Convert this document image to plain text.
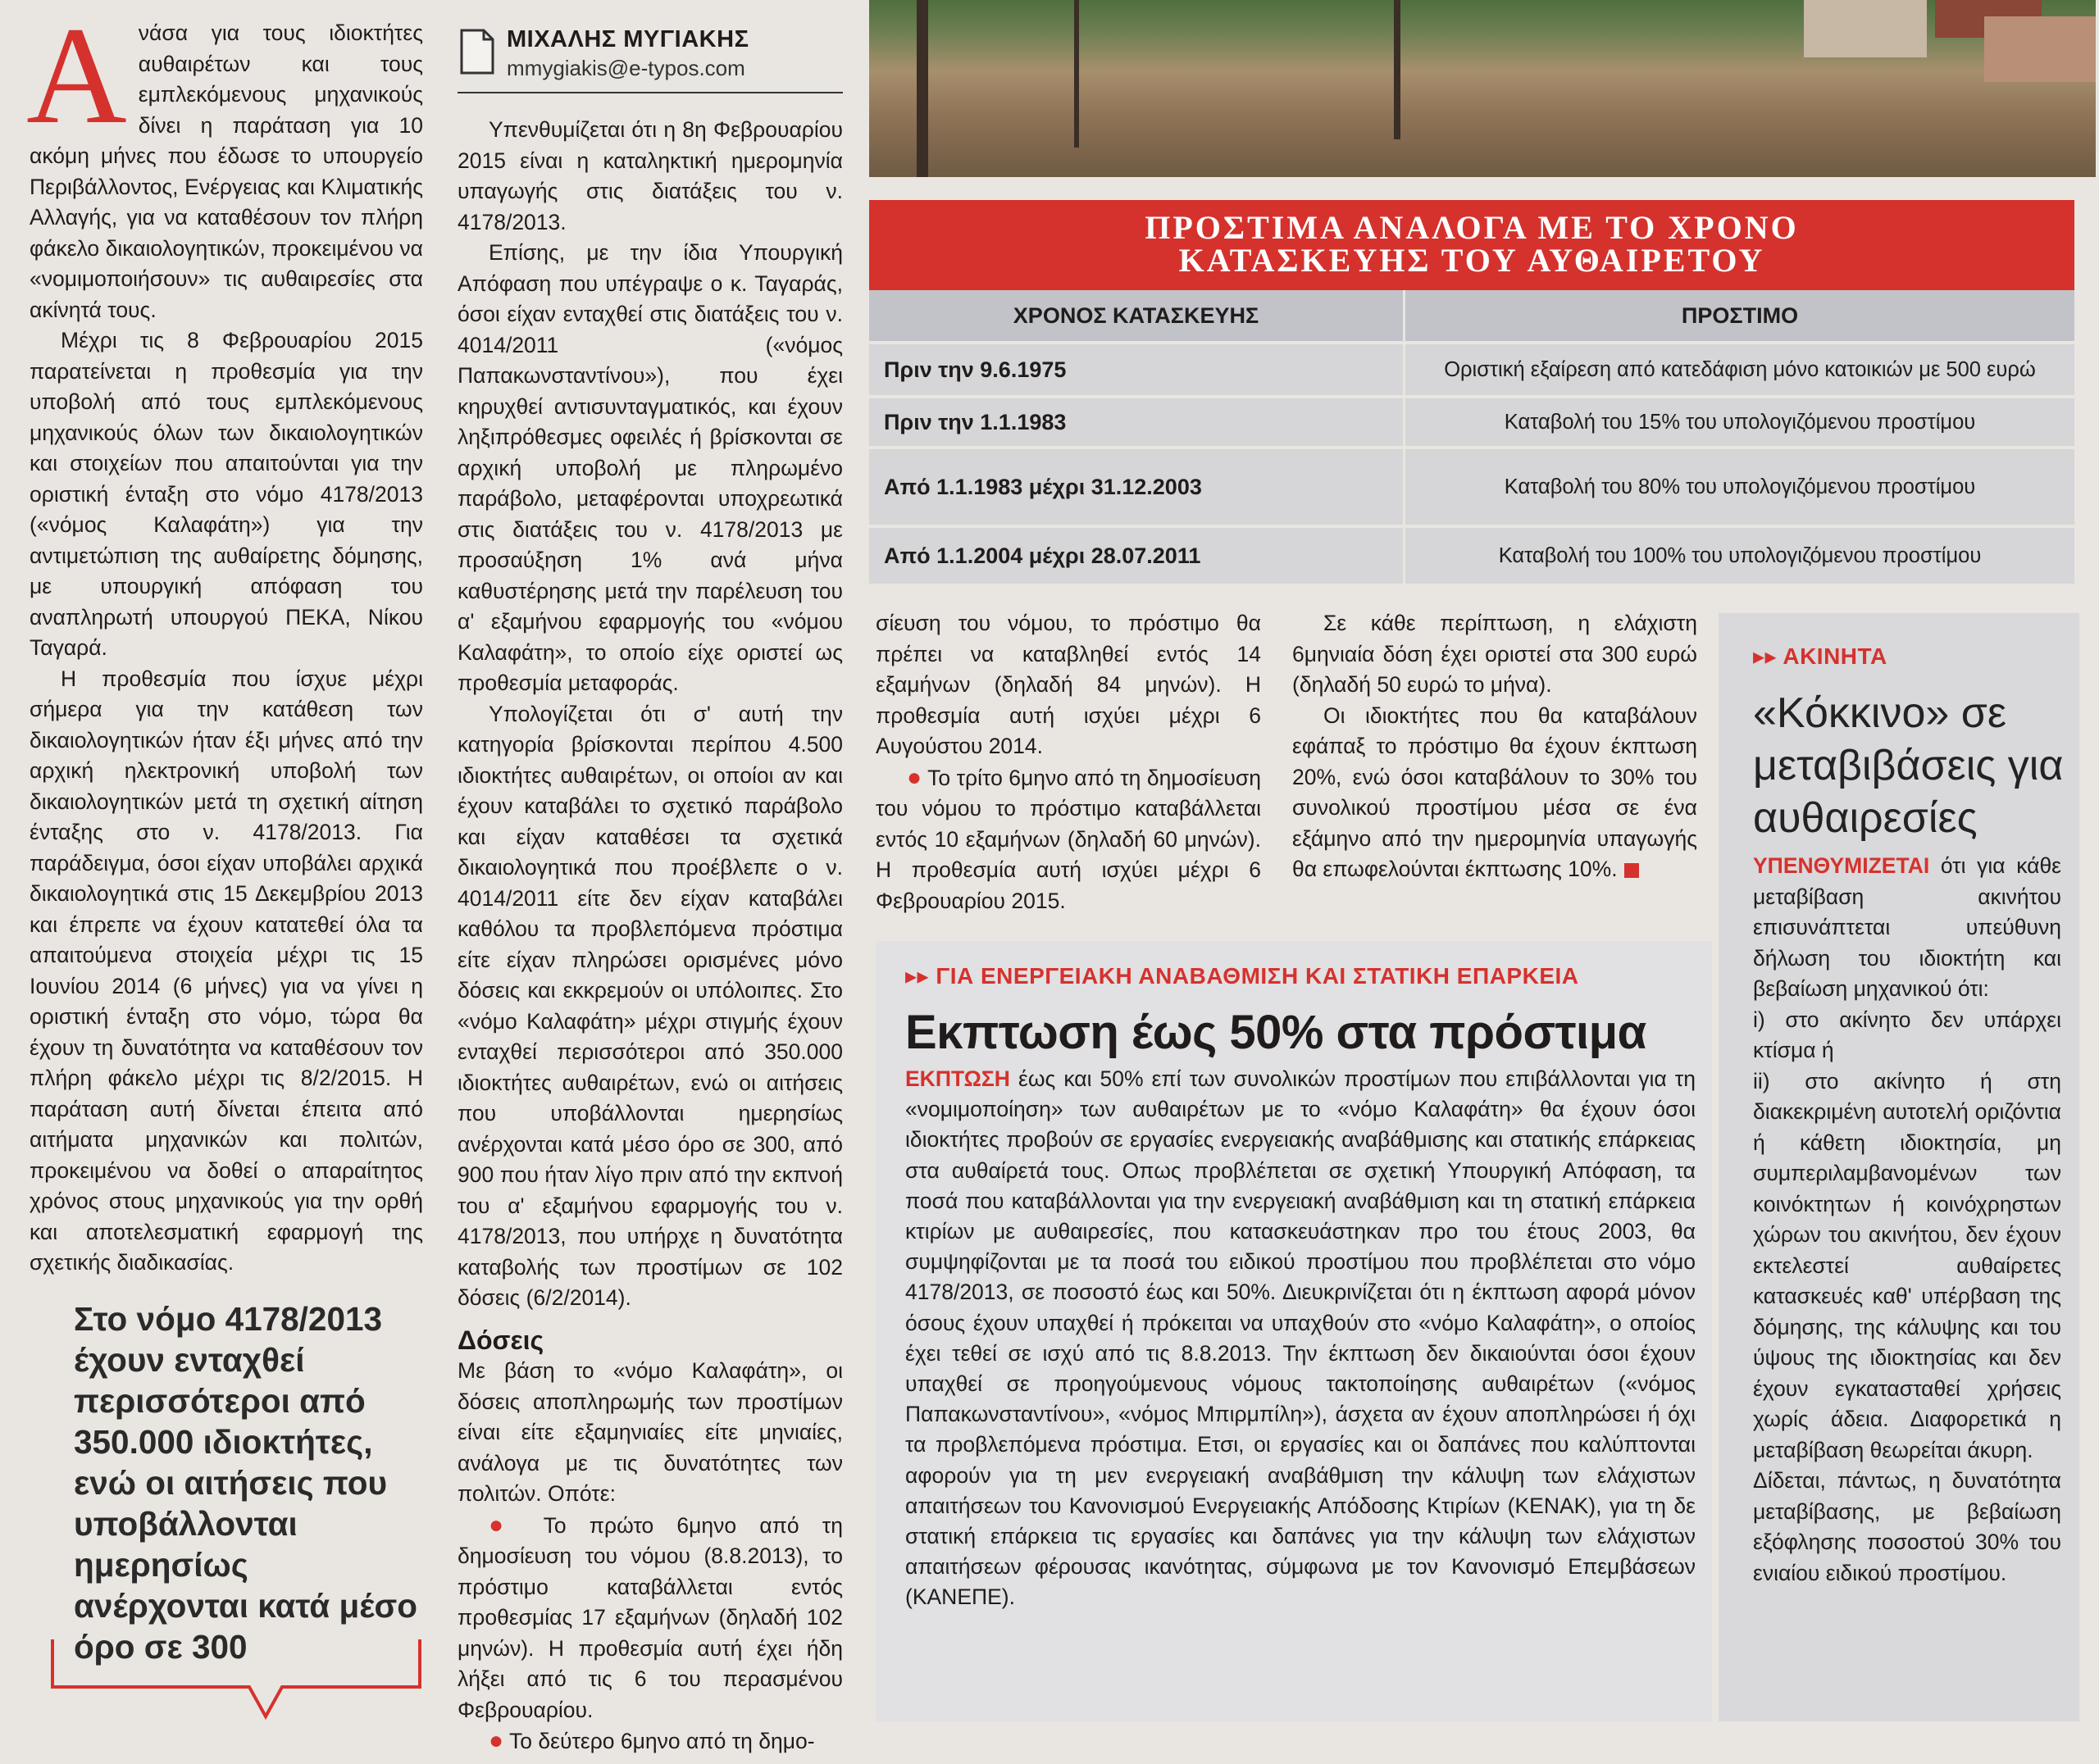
Α νάσα για τους ιδιοκτήτες αυθαιρέτων και τους εμπλεκόμενους μηχανικούς δίνει η παράταση για 10 ακόμη μήνες που έδωσε το υπουργείο Περιβάλλοντος, Ενέργειας και Κλιματικής Αλλαγής, για να καταθέσουν τον πλήρη φάκελο δικαιολογητικών, προκειμένου να «νομιμοποιήσουν» τις αυθαιρεσίες στα ακίνητά τους.

Μέχρι τις 8 Φεβρουαρίου 2015 παρατείνεται η προθεσμία για την υποβολή από τους εμπλεκόμενους μηχανικούς όλων των δικαιολογητικών και στοιχείων που απαιτούνται για την οριστική ένταξη στο νόμο 4178/2013 («νόμος Καλαφάτη») για την αντιμετώπιση της αυθαίρετης δόμησης, με υπουργική απόφαση του αναπληρωτή υπουργού ΠΕΚΑ, Νίκου Ταγαρά.

Η προθεσμία που ίσχυε μέχρι σήμερα για την κατάθεση των δικαιολογητικών ήταν έξι μήνες από την αρχική ηλεκτρονική υποβολή των δικαιολογητικών μετά τη σχετική αίτηση ένταξης στο ν. 4178/2013. Για παράδειγμα, όσοι είχαν υποβάλει αρχικά δικαιολογητικά στις 15 Δεκεμβρίου 2013 και έπρεπε να έχουν κατατεθεί όλα τα απαιτούμενα στοιχεία μέχρι τις 15 Ιουνίου 2014 (6 μήνες) για να γίνει η οριστική ένταξη στο νόμο, τώρα θα έχουν τη δυνατότητα να καταθέσουν τον πλήρη φάκελο μέχρι τις 8/2/2015. Η παράταση αυτή δίνεται έπειτα από αιτήματα μηχανικών και πολιτών, προκειμένου να δοθεί ο απαραίτητος χρόνος στους μηχανικούς για την ορθή και αποτελεσματική εφαρμογή της σχετικής διαδικασίας.

Στο νόμο 4178/2013 έχουν ενταχθεί περισσότεροι από 350.000 ιδιοκτήτες, ενώ οι αιτήσεις που υποβάλλονται ημερησίως ανέρχονται κατά μέσο όρο σε 300
ΜΙΧΑΛΗΣ ΜΥΓΙΑΚΗΣ
mmygiakis@e-typos.com

Υπενθυμίζεται ότι η 8η Φεβρουαρίου 2015 είναι η καταληκτική ημερομηνία υπαγωγής στις διατάξεις του ν. 4178/2013.

Επίσης, με την ίδια Υπουργική Απόφαση που υπέγραψε ο κ. Ταγαράς, όσοι είχαν ενταχθεί στις διατάξεις του ν. 4014/2011 («νόμος Παπακωνσταντίνου»), που έχει κηρυχθεί αντισυνταγματικός, και έχουν ληξιπρόθεσμες οφειλές ή βρίσκονται σε αρχική υποβολή με πληρωμένο παράβολο, μεταφέρονται υποχρεωτικά στις διατάξεις του ν. 4178/2013 με προσαύξηση 1% ανά μήνα καθυστέρησης μετά την παρέλευση του α' εξαμήνου εφαρμογής του «νόμου Καλαφάτη», το οποίο είχε οριστεί ως προθεσμία μεταφοράς.

Υπολογίζεται ότι σ' αυτή την κατηγορία βρίσκονται περίπου 4.500 ιδιοκτήτες αυθαιρέτων, οι οποίοι αν και έχουν καταβάλει το σχετικό παράβολο και είχαν καταθέσει τα σχετικά δικαιολογητικά που προέβλεπε ο ν. 4014/2011 είτε δεν είχαν καταβάλει καθόλου τα προβλεπόμενα πρόστιμα είτε είχαν πληρώσει ορισμένες μόνο δόσεις και εκκρεμούν οι υπόλοιπες. Στο «νόμο Καλαφάτη» μέχρι στιγμής έχουν ενταχθεί περισσότεροι από 350.000 ιδιοκτήτες αυθαιρέτων, ενώ οι αιτήσεις που υποβάλλονται ημερησίως ανέρχονται κατά μέσο όρο σε 300, από 900 που ήταν λίγο πριν από την εκπνοή του α' εξαμήνου εφαρμογής του ν. 4178/2013, που υπήρχε η δυνατότητα καταβολής των προστίμων σε 102 δόσεις (6/2/2014).

Δόσεις

Με βάση το «νόμο Καλαφάτη», οι δόσεις αποπληρωμής των προστίμων είναι είτε εξαμηνιαίες είτε μηνιαίες, ανάλογα με τις δυνατότητες των πολιτών. Οπότε:

● Το πρώτο 6μηνο από τη δημοσίευση του νόμου (8.8.2013), το πρόστιμο καταβάλλεται εντός προθεσμίας 17 εξαμήνων (δηλαδή 102 μηνών). Η προθεσμία αυτή έχει ήδη λήξει από τις 6 του περασμένου Φεβρουαρίου.

● Το δεύτερο 6μηνο από τη δημο-

ΠΡΟΣΤΙΜΑ ΑΝΑΛΟΓΑ ΜΕ ΤΟ ΧΡΟΝΟ
ΚΑΤΑΣΚΕΥΗΣ ΤΟΥ ΑΥΘΑΙΡΕΤΟΥ
ΧΡΟΝΟΣ ΚΑΤΑΣΚΕΥΗΣ	ΠΡΟΣΤΙΜΟ
Πριν την 9.6.1975	Οριστική εξαίρεση από κατεδάφιση μόνο κατοικιών με 500 ευρώ
Πριν την 1.1.1983	Καταβολή του 15% του υπολογιζόμενου προστίμου
Από 1.1.1983 μέχρι 31.12.2003	Καταβολή του 80% του υπολογιζόμενου προστίμου
Από 1.1.2004 μέχρι 28.07.2011	Καταβολή του 100% του υπολογιζόμενου προστίμου

σίευση του νόμου, το πρόστιμο θα πρέπει να καταβληθεί εντός 14 εξαμήνων (δηλαδή 84 μηνών). Η προθεσμία αυτή ισχύει μέχρι 6 Αυγούστου 2014.

● Το τρίτο 6μηνο από τη δημοσίευση του νόμου το πρόστιμο καταβάλλεται εντός 10 εξαμήνων (δηλαδή 60 μηνών). Η προθεσμία αυτή ισχύει μέχρι 6 Φεβρουαρίου 2015.

Σε κάθε περίπτωση, η ελάχιστη 6μηνιαία δόση έχει οριστεί στα 300 ευρώ (δηλαδή 50 ευρώ το μήνα).

Οι ιδιοκτήτες που θα καταβάλουν εφάπαξ το πρόστιμο θα έχουν έκπτωση 20%, ενώ όσοι καταβάλουν το 30% του συνολικού προστίμου μέσα σε ένα εξάμηνο από την ημερομηνία υπαγωγής θα επωφελούνται έκπτωσης 10%.

▸▸ ΓΙΑ ΕΝΕΡΓΕΙΑΚΗ ΑΝΑΒΑΘΜΙΣΗ ΚΑΙ ΣΤΑΤΙΚΗ ΕΠΑΡΚΕΙΑ
Εκπτωση έως 50% στα πρόστιμα
ΕΚΠΤΩΣΗ έως και 50% επί των συνολικών προστίμων που επιβάλλονται για τη «νομιμοποίηση» των αυθαιρέτων με το «νόμο Καλαφάτη» θα έχουν όσοι ιδιοκτήτες προβούν σε εργασίες ενεργειακής αναβάθμισης και στατικής επάρκειας στα αυθαίρετά τους. Οπως προβλέπεται σε σχετική Υπουργική Απόφαση, τα ποσά που καταβάλλονται για την ενεργειακή αναβάθμιση και τη στατική επάρκεια κτιρίων με αυθαιρεσίες, που κατασκευάστηκαν προ του έτους 2003, θα συμψηφίζονται με τα ποσά του ειδικού προστίμου που προβλέπεται στο νόμο 4178/2013, σε ποσοστό έως και 50%. Διευκρινίζεται ότι η έκπτωση αφορά μόνον όσους έχουν υπαχθεί ή πρόκειται να υπαχθούν στο «νόμο Καλαφάτη», ο οποίος έχει τεθεί σε ισχύ από τις 8.8.2013. Την έκπτωση δεν δικαιούνται όσοι έχουν υπαχθεί σε προηγούμενους νόμους τακτοποίησης αυθαιρέτων («νόμος Παπακωνσταντίνου», «νόμος Μπιρμπίλη»), άσχετα αν έχουν αποπληρώσει ή όχι τα προβλεπόμενα πρόστιμα. Ετσι, οι εργασίες και οι δαπάνες που καλύπτονται αφορούν για τη μεν ενεργειακή αναβάθμιση την κάλυψη των ελάχιστων απαιτήσεων του Κανονισμού Ενεργειακής Απόδοσης Κτιρίων (ΚΕΝΑΚ), για τη δε στατική επάρκεια τις εργασίες και δαπάνες για την κάλυψη των ελάχιστων απαιτήσεων φέρουσας ικανότητας, σύμφωνα με τον Κανονισμό Επεμβάσεων (ΚΑΝΕΠΕ).
▸▸ ΑΚΙΝΗΤΑ
«Κόκκινο» σε μεταβιβάσεις για αυθαιρεσίες
ΥΠΕΝΘΥΜΙΖΕΤΑΙ ότι για κάθε μεταβίβαση ακινήτου επισυνάπτεται υπεύθυνη δήλωση του ιδιοκτήτη και βεβαίωση μηχανικού ότι:
i) στο ακίνητο δεν υπάρχει κτίσμα ή
ii) στο ακίνητο ή στη διακεκριμένη αυτοτελή οριζόντια ή κάθετη ιδιοκτησία, μη συμπεριλαμβανομένων των κοινόκτητων ή κοινόχρηστων χώρων του ακινήτου, δεν έχουν εκτελεστεί αυθαίρετες κατασκευές καθ' υπέρβαση της δόμησης, της κάλυψης και του ύψους της ιδιοκτησίας και δεν έχουν εγκατασταθεί χρήσεις χωρίς άδεια. Διαφορετικά η μεταβίβαση θεωρείται άκυρη.
Δίδεται, πάντως, η δυνατότητα μεταβίβασης, με βεβαίωση εξόφλησης ποσοστού 30% του ενιαίου ειδικού προστίμου.
